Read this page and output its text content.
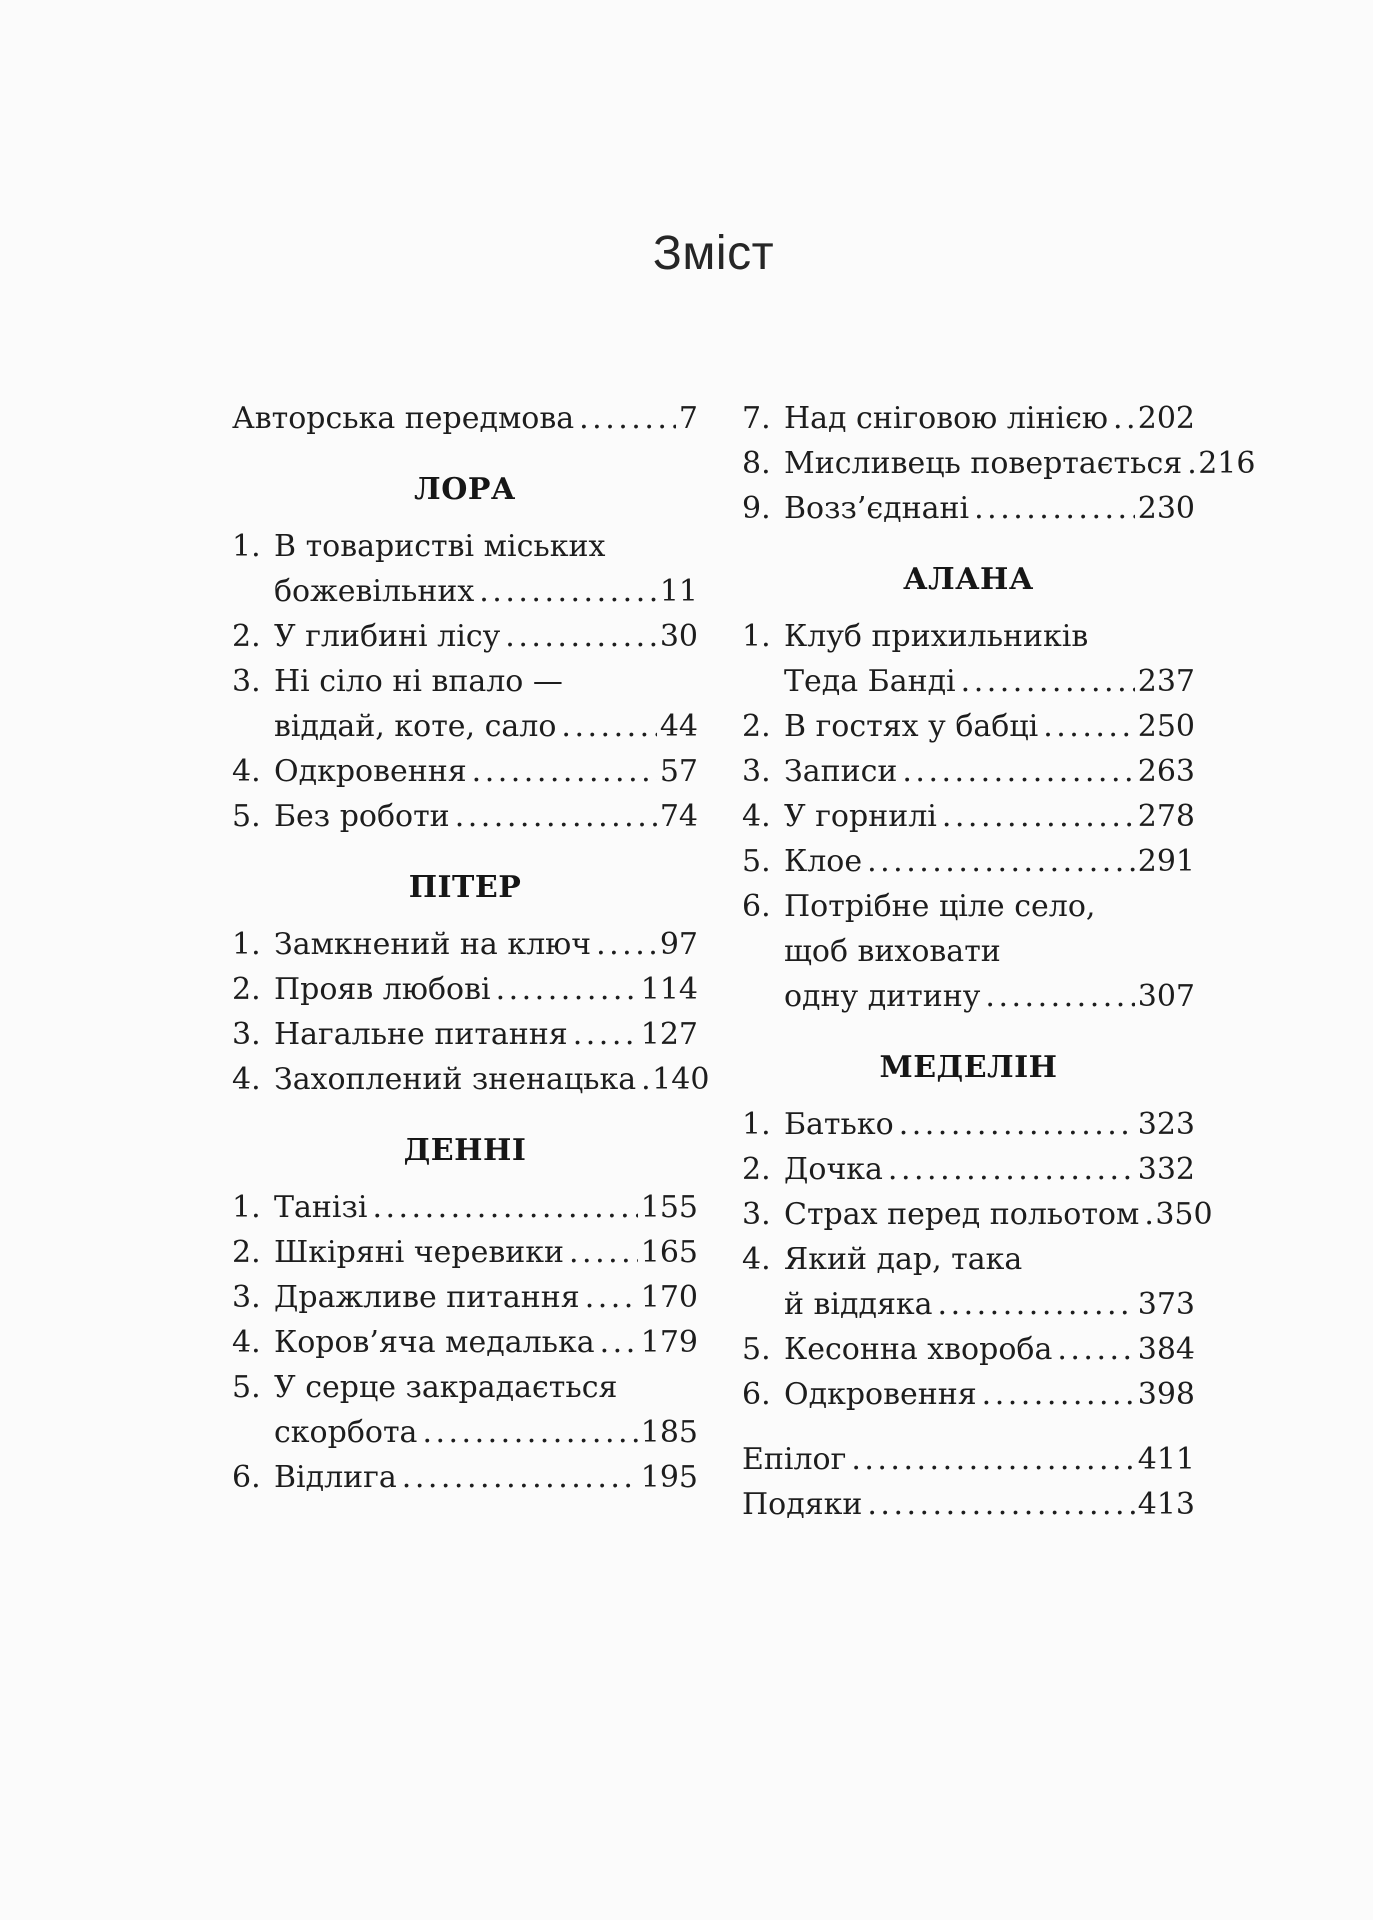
Зміст
Авторська передмова .....	7
ЛОРА
1. В товаристві міських
божевільних .....	11
2. У глибині лісу .....	30
3. Ні сіло ні впало —
віддай, коте, сало .....	44
4. Одкровення .....	57
5. Без роботи .....	74
ПІТЕР
1. Замкнений на ключ ..... 97
2. Прояв любові .....	114
3. Нагальне питання ..... 127
4. Захоплений зненацька ..... 140
ДЕННІ
1. Танізі .....	155
2. Шкіряні черевики .....	165
3. Дражливе питання ..... 170
4. Коров’яча медалька ..... 179
5. У серце закрадається
скорбота .....	185
6. Відлига .....	195
7. Над сніговою лінією ..... 202
8. Мисливець повертається ..... 216
9. Возз’єднані .....	230
АЛАНА
1. Клуб прихильників
Теда Банді .....	237
2. В гостях у бабці .....	250
3. Записи .....	263
4. У горнилі .....	278
5. Клое .....	291
6. Потрібне ціле село,
щоб виховати
одну дитину .....	307
МЕДЕЛІН
1. Батько .....	323
2. Дочка .....	332
3. Страх перед польотом ..... 350
4. Який дар, така
й віддяка .....	373
5. Кесонна хвороба .....	384
6. Одкровення .....	398
Епілог .....	411
Подяки .....	413
